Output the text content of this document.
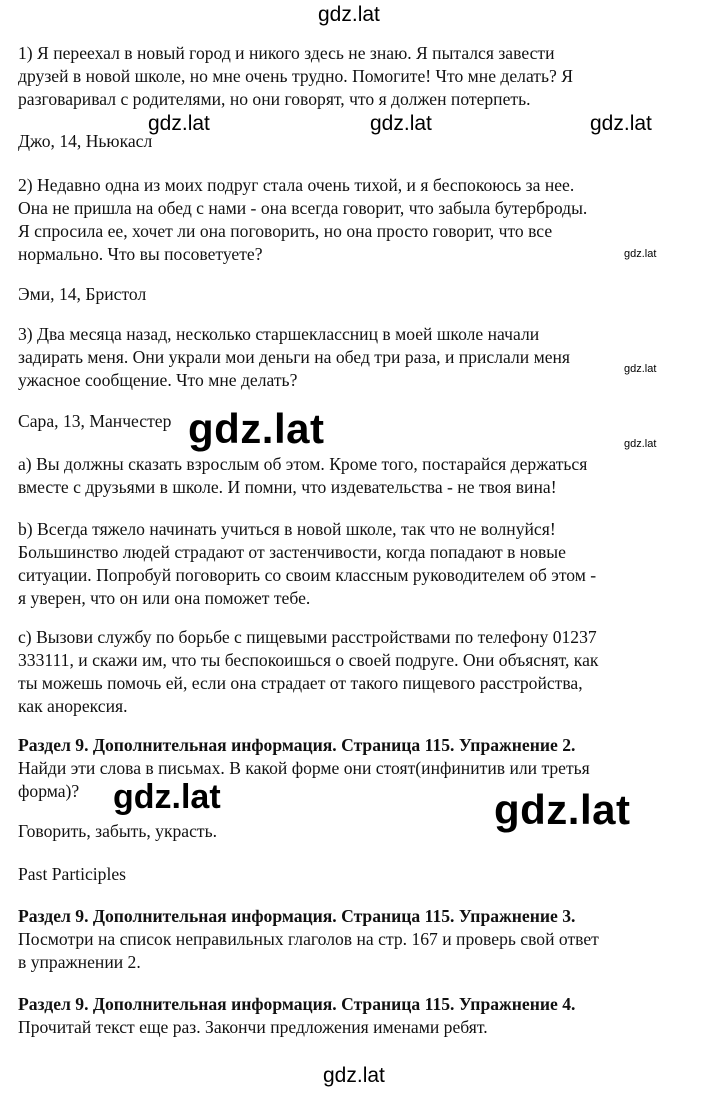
1) Я переехал в новый город и никого здесь не знаю. Я пытался завести
друзей в новой школе, но мне очень трудно. Помогите! Что мне делать? Я
разговаривал с родителями, но они говорят, что я должен потерпеть.
Джо, 14, Ньюкасл
2) Недавно одна из моих подруг стала очень тихой, и я беспокоюсь за нее.
Она не пришла на обед с нами - она всегда говорит, что забыла бутерброды.
Я спросила ее, хочет ли она поговорить, но она просто говорит, что все
нормально. Что вы посоветуете?
Эми, 14, Бристол
3) Два месяца назад, несколько старшеклассниц в моей школе начали
задирать меня. Они украли мои деньги на обед три раза, и прислали меня
ужасное сообщение. Что мне делать?
Сара, 13, Манчестер
a) Вы должны сказать взрослым об этом. Кроме того, постарайся держаться
вместе с друзьями в школе. И помни, что издевательства - не твоя вина!
b) Всегда тяжело начинать учиться в новой школе, так что не волнуйся!
Большинство людей страдают от застенчивости, когда попадают в новые
ситуации. Попробуй поговорить со своим классным руководителем об этом -
я уверен, что он или она поможет тебе.
c) Вызови службу по борьбе с пищевыми расстройствами по телефону 01237
333111, и скажи им, что ты беспокоишься о своей подруге. Они объяснят, как
ты можешь помочь ей, если она страдает от такого пищевого расстройства,
как анорексия.
Раздел 9. Дополнительная информация. Страница 115. Упражнение 2.
Найди эти слова в письмах. В какой форме они стоят(инфинитив или третья
форма)?
Говорить, забыть, украсть.
Past Participles
Раздел 9. Дополнительная информация. Страница 115. Упражнение 3.
Посмотри на список неправильных глаголов на стр. 167 и проверь свой ответ
в упражнении 2.
Раздел 9. Дополнительная информация. Страница 115. Упражнение 4.
Прочитай текст еще раз. Закончи предложения именами ребят.
gdz.lat
gdz.lat	gdz.lat	gdz.lat
gdz.lat
gdz.lat
gdz.lat	gdz.lat
gdz.lat	gdz.lat
gdz.lat
